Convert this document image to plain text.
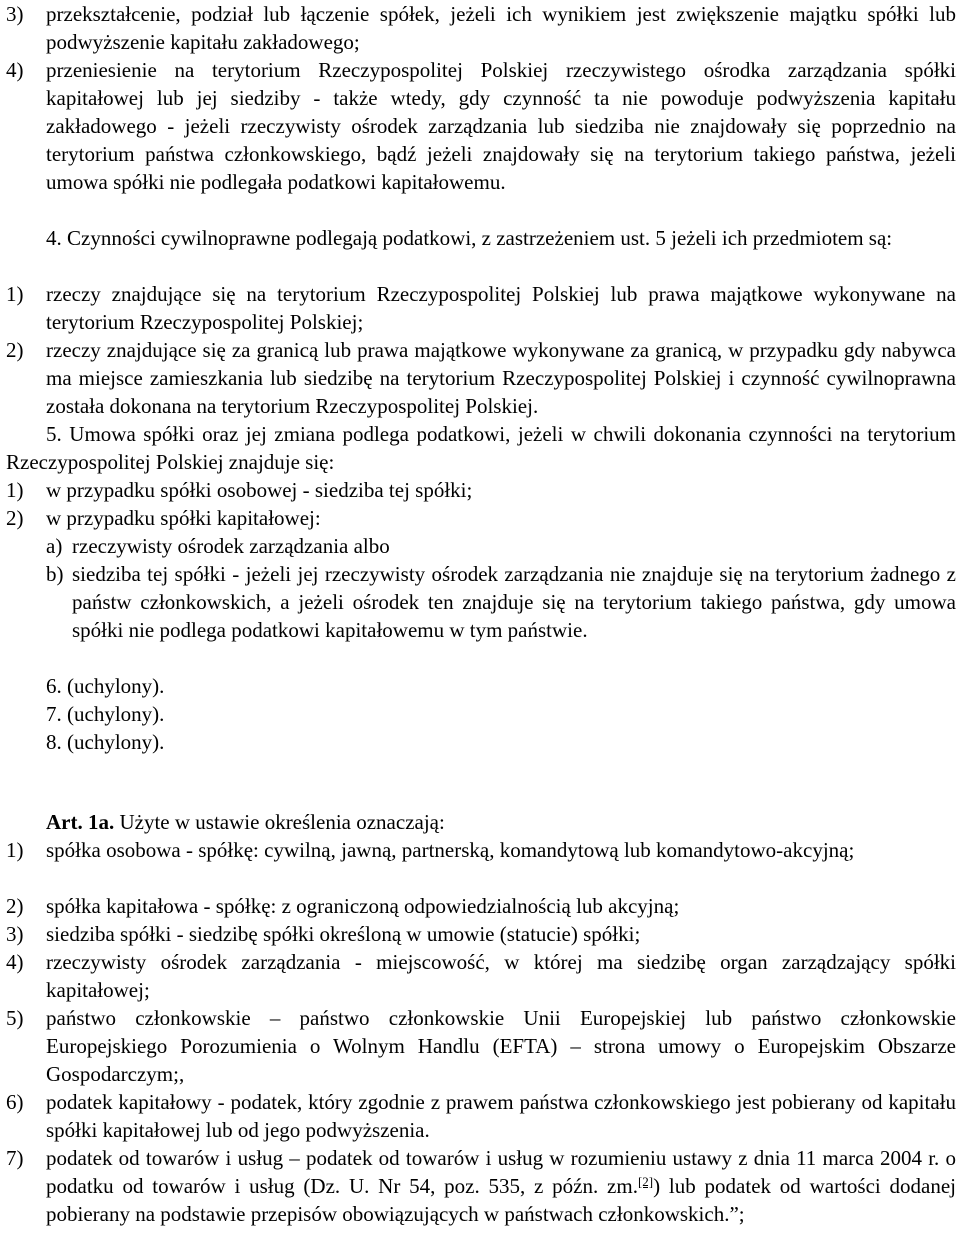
3) przekształcenie, podział lub łączenie spółek, jeżeli ich wynikiem jest zwiększenie majątku spółki lub podwyższenie kapitału zakładowego;
4) przeniesienie na terytorium Rzeczypospolitej Polskiej rzeczywistego ośrodka zarządzania spółki kapitałowej lub jej siedziby - także wtedy, gdy czynność ta nie powoduje podwyższenia kapitału zakładowego - jeżeli rzeczywisty ośrodek zarządzania lub siedziba nie znajdowały się poprzednio na terytorium państwa członkowskiego, bądź jeżeli znajdowały się na terytorium takiego państwa, jeżeli umowa spółki nie podlegała podatkowi kapitałowemu.
4. Czynności cywilnoprawne podlegają podatkowi, z zastrzeżeniem ust. 5 jeżeli ich przedmiotem są:
1) rzeczy znajdujące się na terytorium Rzeczypospolitej Polskiej lub prawa majątkowe wykonywane na terytorium Rzeczypospolitej Polskiej;
2) rzeczy znajdujące się za granicą lub prawa majątkowe wykonywane za granicą, w przypadku gdy nabywca ma miejsce zamieszkania lub siedzibę na terytorium Rzeczypospolitej Polskiej i czynność cywilnoprawna została dokonana na terytorium Rzeczypospolitej Polskiej.
5. Umowa spółki oraz jej zmiana podlega podatkowi, jeżeli w chwili dokonania czynności na terytorium Rzeczypospolitej Polskiej znajduje się:
1) w przypadku spółki osobowej - siedziba tej spółki;
2) w przypadku spółki kapitałowej:
a) rzeczywisty ośrodek zarządzania albo
b) siedziba tej spółki - jeżeli jej rzeczywisty ośrodek zarządzania nie znajduje się na terytorium żadnego z państw członkowskich, a jeżeli ośrodek ten znajduje się na terytorium takiego państwa, gdy umowa spółki nie podlega podatkowi kapitałowemu w tym państwie.
6. (uchylony).
7. (uchylony).
8. (uchylony).
Art. 1a. Użyte w ustawie określenia oznaczają:
1) spółka osobowa - spółkę: cywilną, jawną, partnerską, komandytową lub komandytowo-akcyjną;
2) spółka kapitałowa - spółkę: z ograniczoną odpowiedzialnością lub akcyjną;
3) siedziba spółki - siedzibę spółki określoną w umowie (statucie) spółki;
4) rzeczywisty ośrodek zarządzania - miejscowość, w której ma siedzibę organ zarządzający spółki kapitałowej;
5) państwo członkowskie – państwo członkowskie Unii Europejskiej lub państwo członkowskie Europejskiego Porozumienia o Wolnym Handlu (EFTA) – strona umowy o Europejskim Obszarze Gospodarczym;,
6) podatek kapitałowy - podatek, który zgodnie z prawem państwa członkowskiego jest pobierany od kapitału spółki kapitałowej lub od jego podwyższenia.
7) podatek od towarów i usług – podatek od towarów i usług w rozumieniu ustawy z dnia 11 marca 2004 r. o podatku od towarów i usług (Dz. U. Nr 54, poz. 535, z późn. zm.[2]) lub podatek od wartości dodanej pobierany na podstawie przepisów obowiązujących w państwach członkowskich.”;
